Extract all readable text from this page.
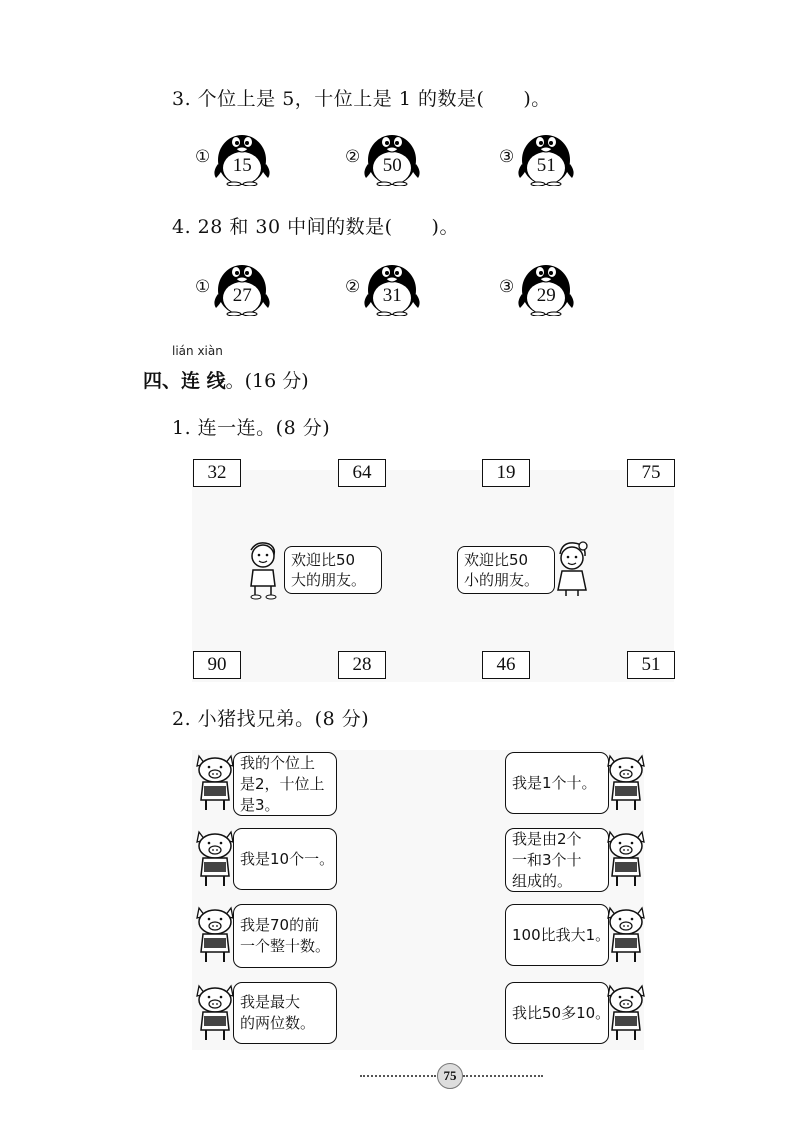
3. 个位上是 5，十位上是 1 的数是(　　)。
①	15	②	50	③	51
4. 28 和 30 中间的数是(　　)。
①	27	②	31	③	29
lián xiàn
四、连 线。(16 分)
1. 连一连。(8 分)
32	64	19	75
欢迎比50
大的朋友。
欢迎比50
小的朋友。
90	28	46	51
2. 小猪找兄弟。(8 分)
我的个位上
是2，十位上
是3。
我是10个一。
我是70的前
一个整十数。
我是最大
的两位数。
我是1个十。
我是由2个
一和3个十
组成的。
100比我大1。
我比50多10。
75
